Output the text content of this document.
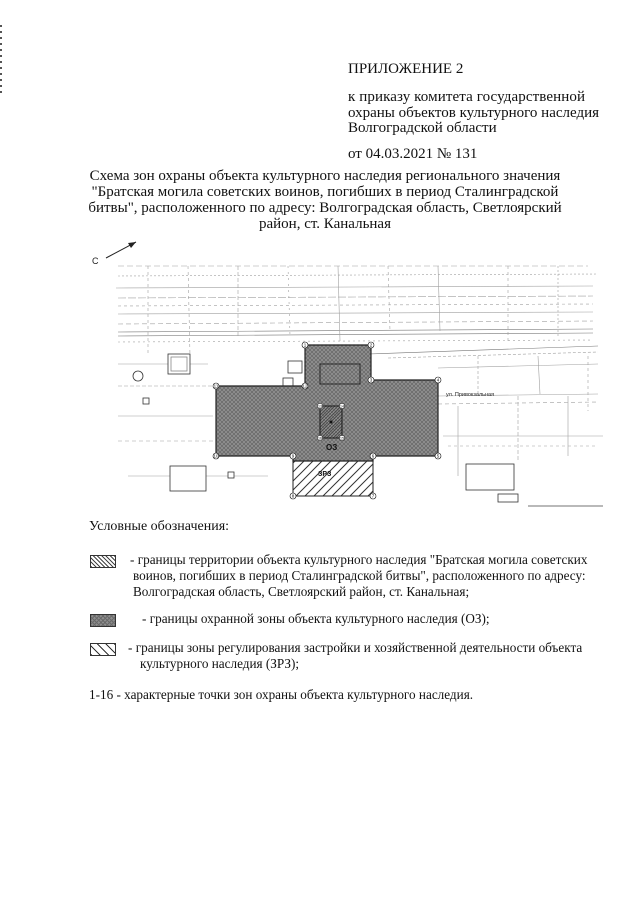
ПРИЛОЖЕНИЕ 2
к приказу комитета государственной
охраны объектов культурного наследия
Волгоградской области
от 04.03.2021 № 131
Схема зон охраны объекта культурного наследия регионального значения
"Братская могила советских воинов, погибших в период Сталинградской
битвы", расположенного по адресу: Волгоградская область, Светлоярский
район, ст. Канальная
С
ОЗ
ЗРЗ
ул. Привокзальная
1	2
3	4
5
6
7
8
9
10
11	12
13	14
15
16
Условные обозначения:
- границы территории объекта культурного наследия "Братская могила советских
воинов, погибших в период Сталинградской битвы", расположенного по адресу:
Волгоградская область, Светлоярский район, ст. Канальная;
- границы охранной зоны объекта культурного наследия (ОЗ);
- границы зоны регулирования застройки и хозяйственной деятельности объекта
культурного наследия (ЗРЗ);
1-16 - характерные точки зон охраны объекта культурного наследия.
